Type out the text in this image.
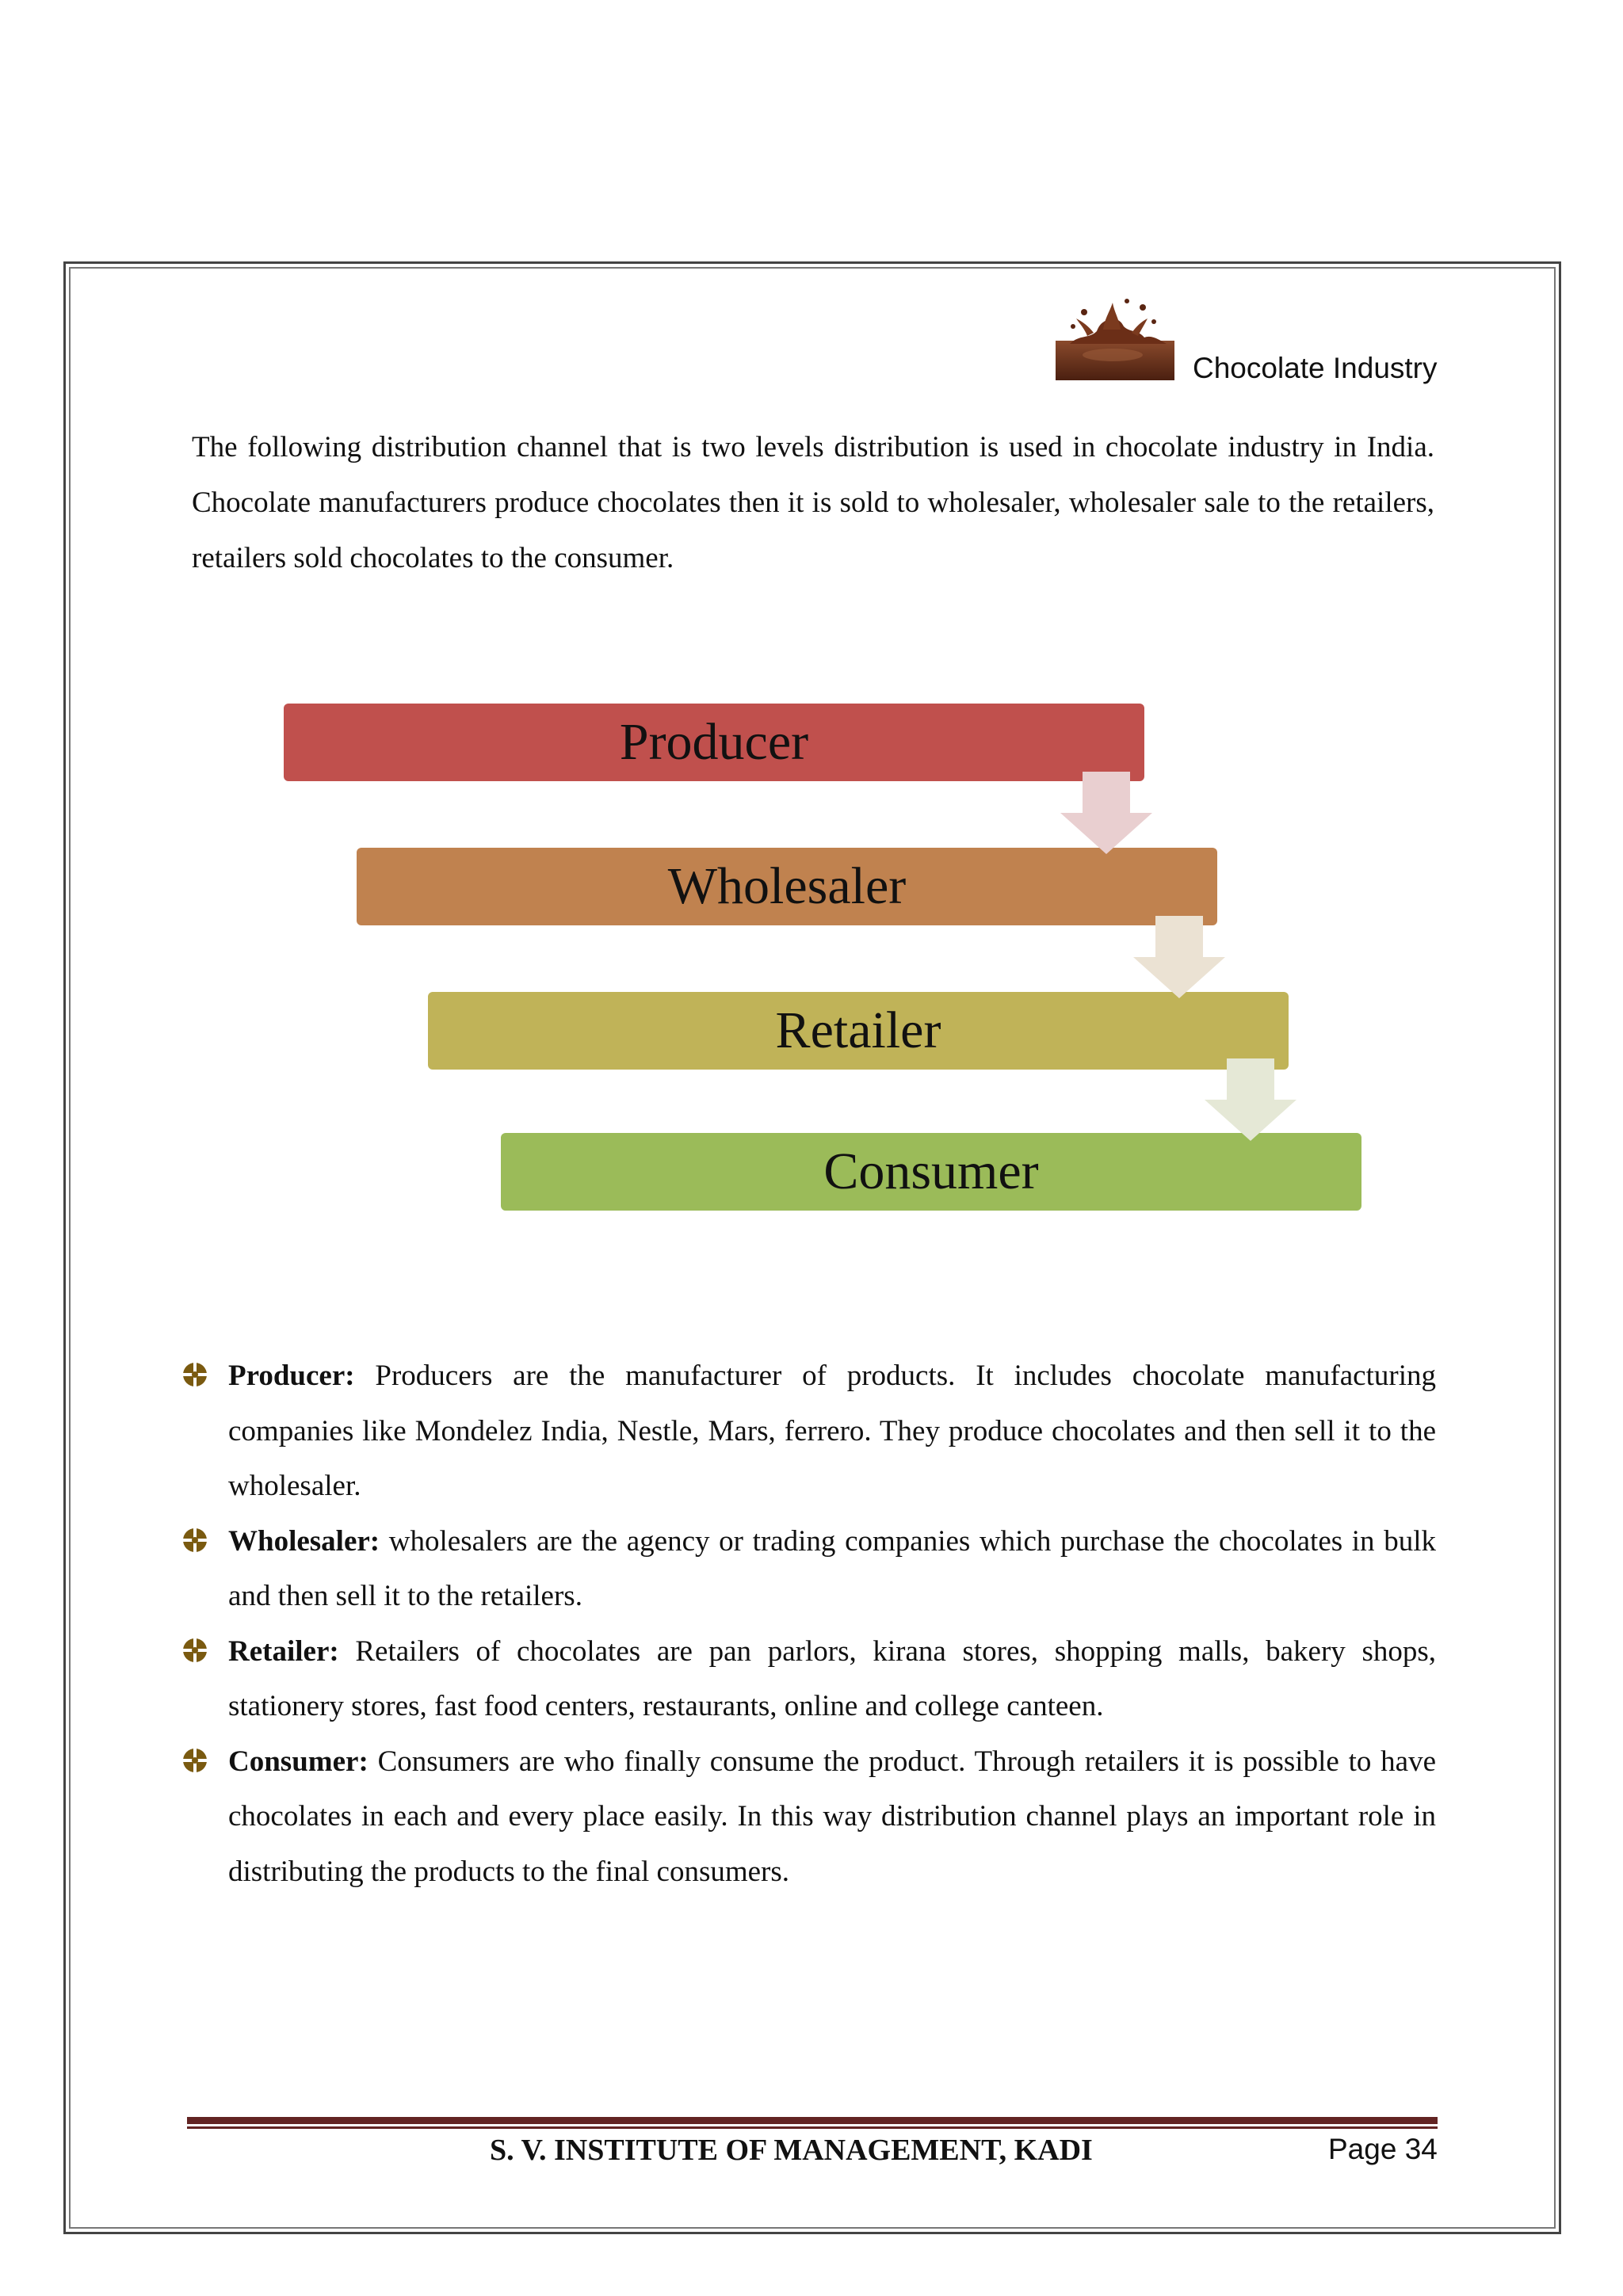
Chocolate Industry

The following distribution channel that is two levels distribution is used in chocolate industry in India. Chocolate manufacturers produce chocolates then it is sold to wholesaler, wholesaler sale to the retailers, retailers sold chocolates to the consumer.

Producer
Wholesaler
Retailer
Consumer
Producer: Producers are the manufacturer of products. It includes chocolate manufacturing companies like Mondelez India, Nestle, Mars, ferrero. They produce chocolates and then sell it to the wholesaler.
Wholesaler: wholesalers are the agency or trading companies which purchase the chocolates in bulk and then sell it to the retailers.
Retailer: Retailers of chocolates are pan parlors, kirana stores, shopping malls, bakery shops, stationery stores, fast food centers, restaurants, online and college canteen.
Consumer: Consumers are who finally consume the product. Through retailers it is possible to have chocolates in each and every place easily. In this way distribution channel plays an important role in distributing the products to the final consumers.
S. V. INSTITUTE OF MANAGEMENT, KADI	Page 34
